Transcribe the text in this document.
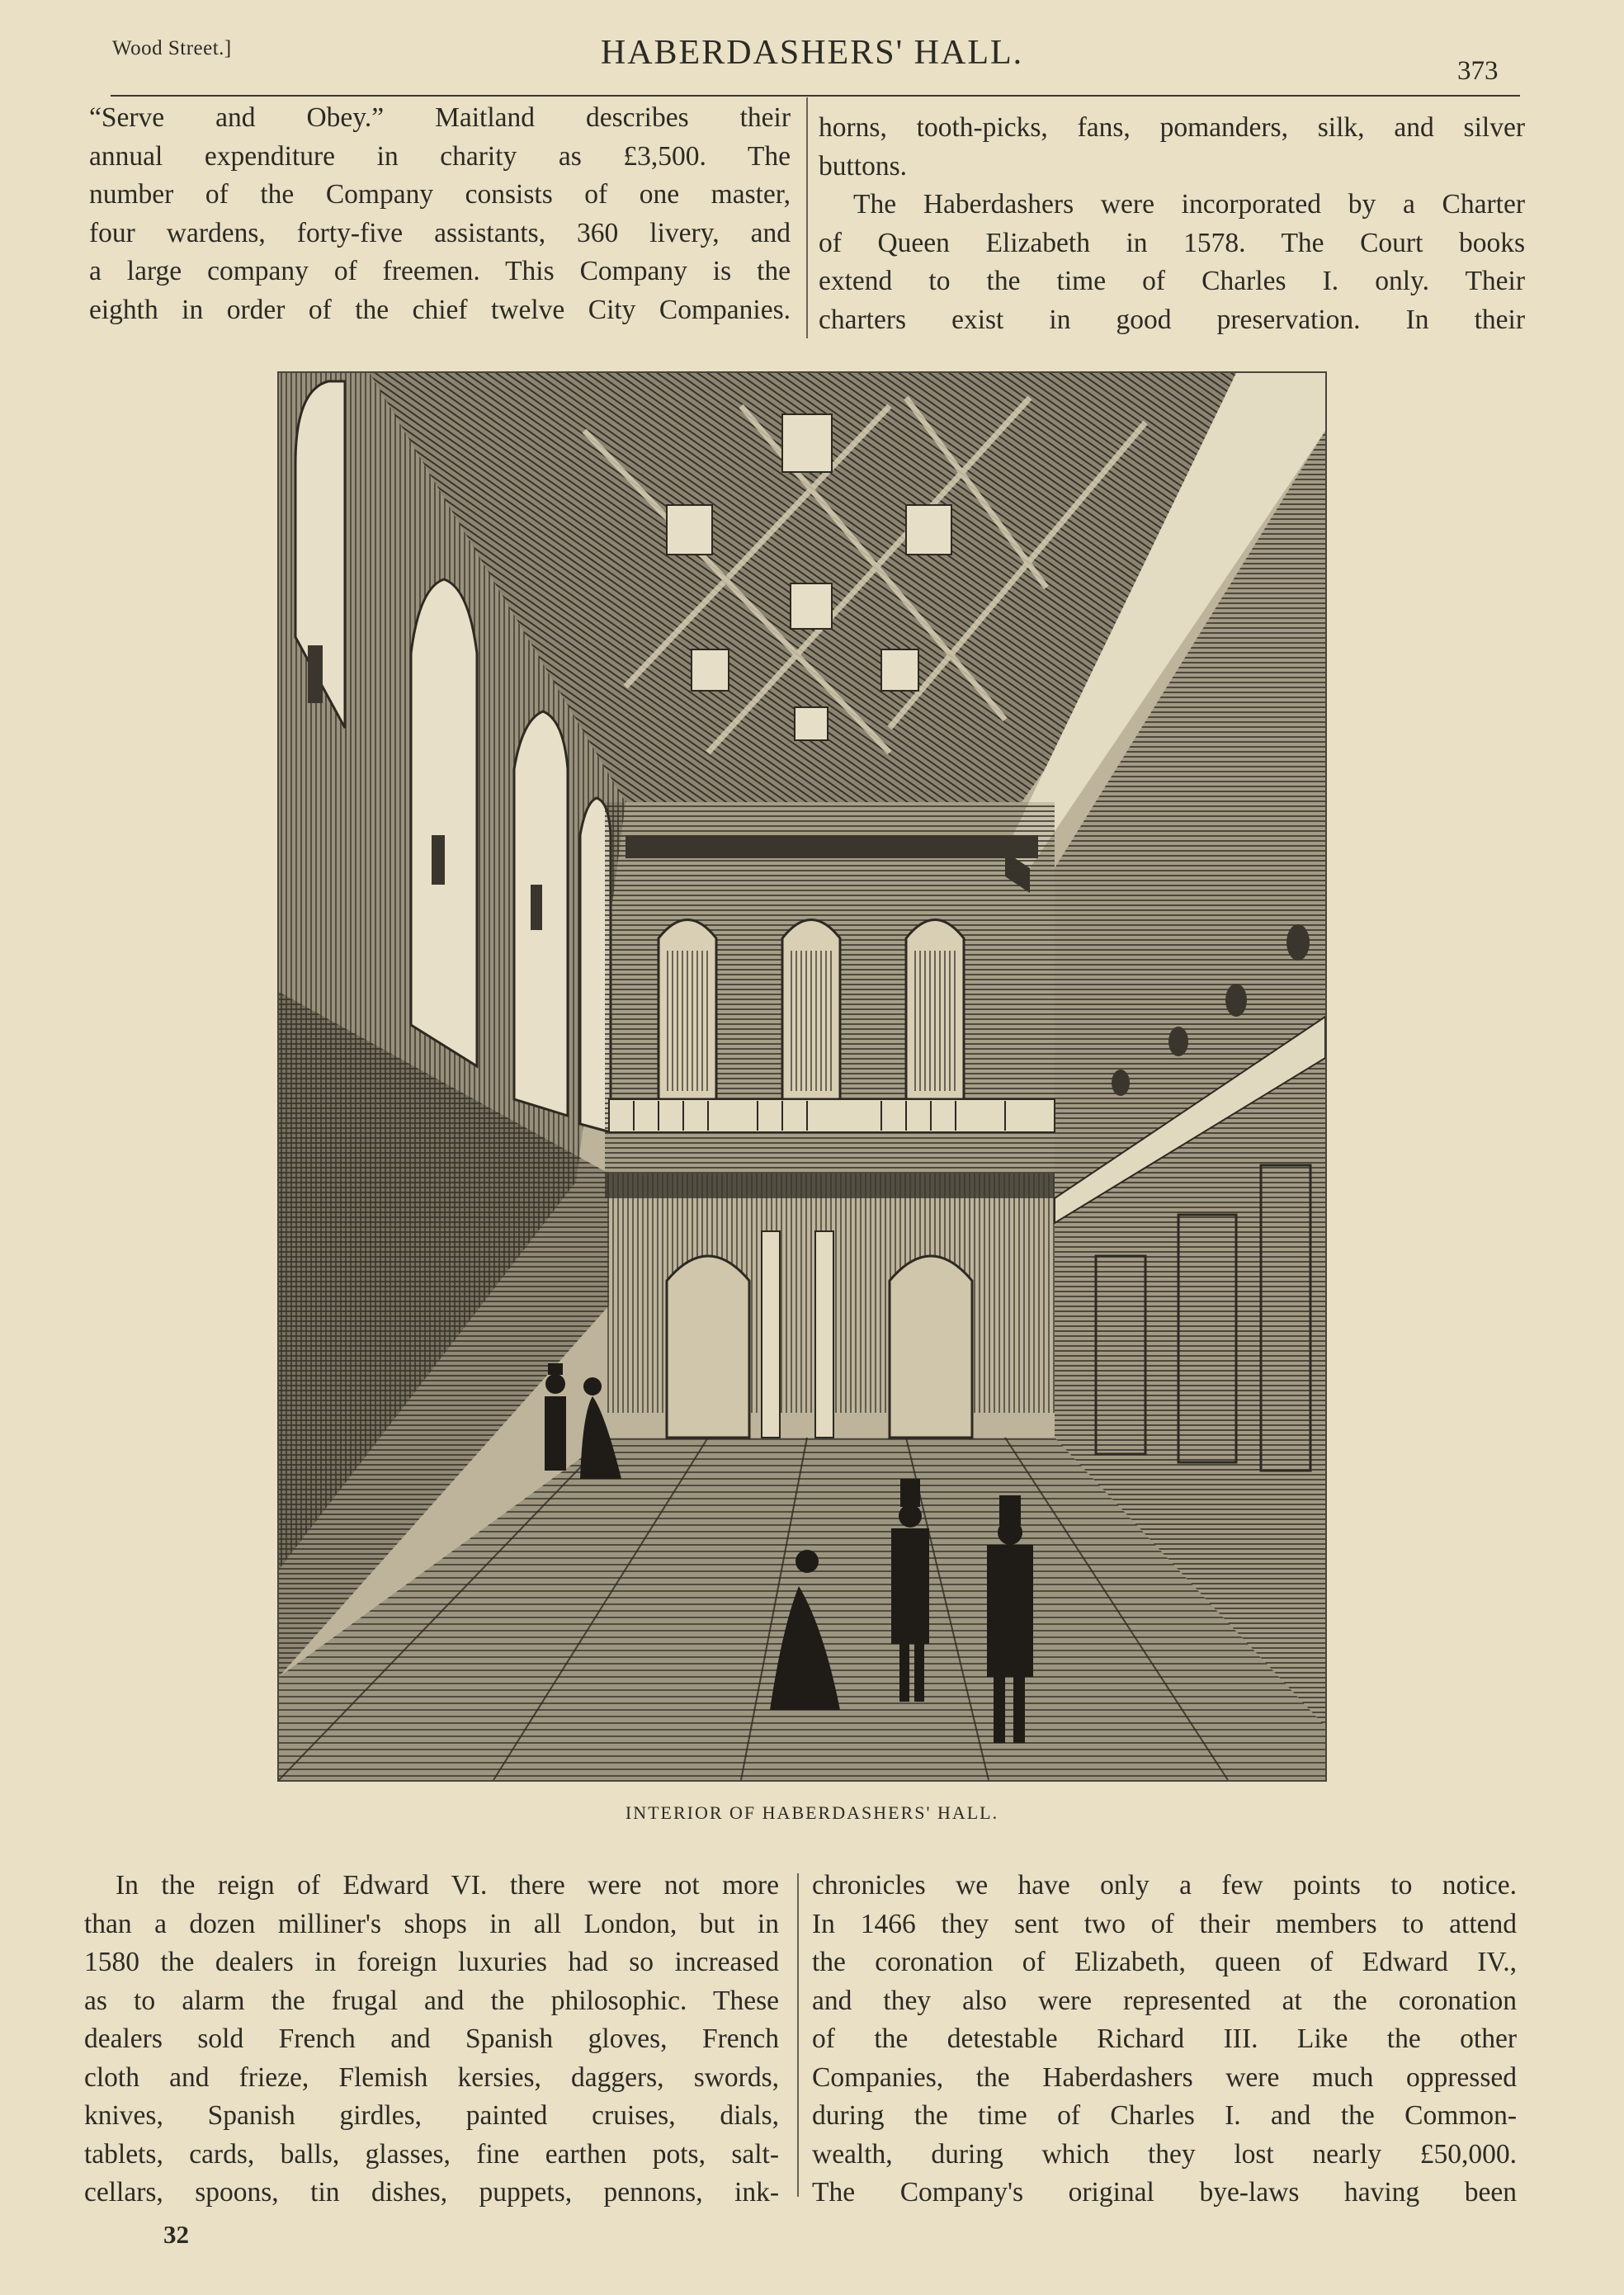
Wood Street.]	HABERDASHERS' HALL.	373

“Serve and Obey.” Maitland describes their
annual expenditure in charity as £3,500. The
number of the Company consists of one master,
four wardens, forty-five assistants, 360 livery, and
a large company of freemen. This Company is the
eighth in order of the chief twelve City Companies.

horns, tooth-picks, fans, pomanders, silk, and silver
buttons.

The Haberdashers were incorporated by a Charter
of Queen Elizabeth in 1578. The Court books
extend to the time of Charles I. only. Their
charters exist in good preservation. In their

INTERIOR OF HABERDASHERS' HALL.

In the reign of Edward VI. there were not more
than a dozen milliner's shops in all London, but in
1580 the dealers in foreign luxuries had so increased
as to alarm the frugal and the philosophic. These
dealers sold French and Spanish gloves, French
cloth and frieze, Flemish kersies, daggers, swords,
knives, Spanish girdles, painted cruises, dials,
tablets, cards, balls, glasses, fine earthen pots, salt-
cellars, spoons, tin dishes, puppets, pennons, ink-

chronicles we have only a few points to notice.
In 1466 they sent two of their members to attend
the coronation of Elizabeth, queen of Edward IV.,
and they also were represented at the coronation
of the detestable Richard III. Like the other
Companies, the Haberdashers were much oppressed
during the time of Charles I. and the Common-
wealth, during which they lost nearly £50,000.
The Company's original bye-laws having been

32
